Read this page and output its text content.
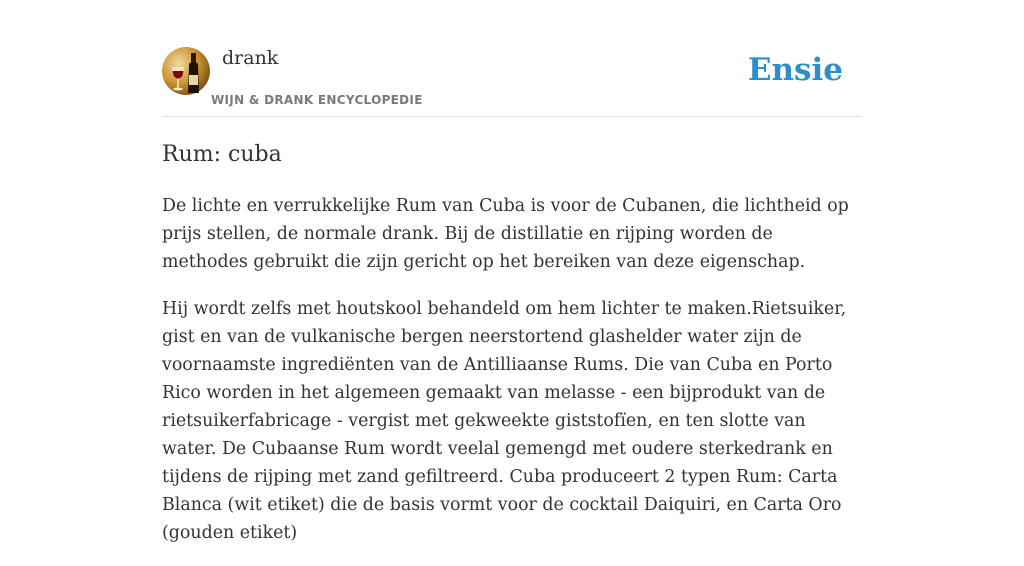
drank
WIJN & DRANK ENCYCLOPEDIE
Ensie
Rum: cuba

De lichte en verrukkelijke Rum van Cuba is voor de Cubanen, die lichtheid op prijs stellen, de normale drank. Bij de distillatie en rijping worden de methodes gebruikt die zijn gericht op het bereiken van deze eigenschap.

Hij wordt zelfs met houtskool behandeld om hem lichter te maken.Rietsuiker, gist en van de vulkanische bergen neerstortend glashelder water zijn de voornaamste ingrediënten van de Antilliaanse Rums. Die van Cuba en Porto Rico worden in het algemeen gemaakt van melasse - een bijprodukt van de rietsuikerfabricage - vergist met gekweekte giststofïen, en ten slotte van water. De Cubaanse Rum wordt veelal gemengd met oudere sterkedrank en tijdens de rijping met zand gefiltreerd. Cuba produceert 2 typen Rum: Carta Blanca (wit etiket) die de basis vormt voor de cocktail Daiquiri, en Carta Oro (gouden etiket)
